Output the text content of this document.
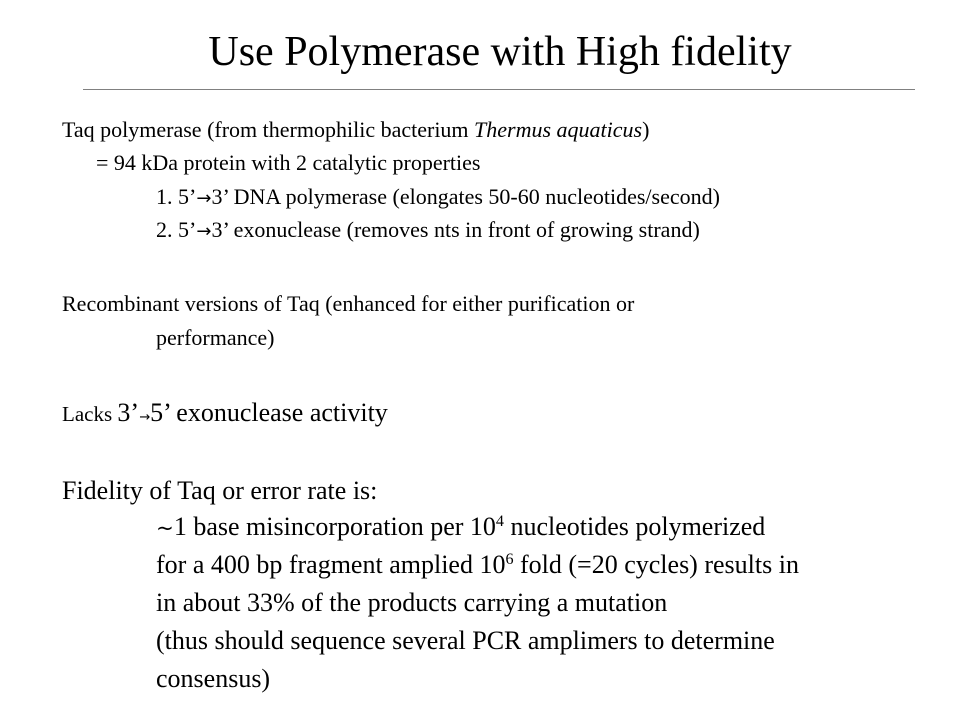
Use Polymerase with High fidelity
Taq polymerase (from thermophilic bacterium Thermus aquaticus)
= 94 kDa protein with 2 catalytic properties
1. 5’→3’ DNA polymerase (elongates 50-60 nucleotides/second)
2. 5’→3’ exonuclease (removes nts in front of growing strand)
Recombinant versions of Taq (enhanced for either purification or
performance)
Lacks 3’→5’ exonuclease activity
Fidelity of Taq or error rate is:
~1 base misincorporation per $10^4$ nucleotides polymerized
for a 400 bp fragment amplied $10^6$ fold (=20 cycles) results in
in about 33% of the products carrying a mutation
(thus should sequence several PCR amplimers to determine
consensus)
